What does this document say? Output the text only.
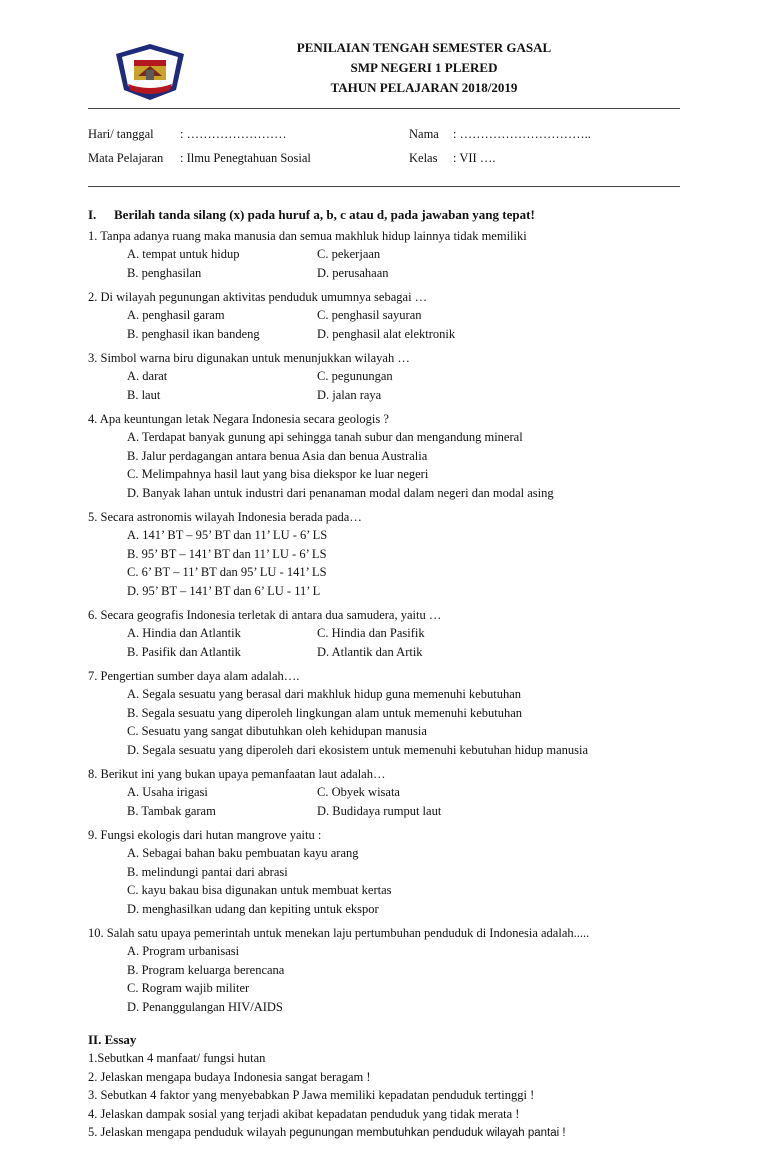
PENILAIAN TENGAH SEMESTER GASAL
SMP NEGERI 1 PLERED
TAHUN PELAJARAN 2018/2019
Hari/ tanggal : ……………………	Nama : …………………………..
Mata Pelajaran : Ilmu Penegtahuan Sosial	Kelas : VII ….
I. Berilah tanda silang (x) pada huruf a, b, c atau d, pada jawaban yang tepat!
1. Tanpa adanya ruang maka manusia dan semua makhluk hidup lainnya tidak memiliki
A. tempat untuk hidup	C. pekerjaan
B. penghasilan	D. perusahaan
2. Di wilayah pegunungan aktivitas penduduk umumnya sebagai …
A. penghasil garam	C. penghasil sayuran
B. penghasil ikan bandeng	D. penghasil alat elektronik
3. Simbol warna biru digunakan untuk menunjukkan wilayah …
A. darat	C. pegunungan
B. laut	D. jalan raya
4. Apa keuntungan letak Negara Indonesia secara geologis ?
A. Terdapat banyak gunung api sehingga tanah subur dan mengandung mineral
B. Jalur perdagangan antara benua Asia dan benua Australia
C. Melimpahnya hasil laut yang bisa diekspor ke luar negeri
D. Banyak lahan untuk industri dari penanaman modal dalam negeri dan modal asing
5. Secara astronomis wilayah Indonesia berada pada…
A. 141’ BT – 95’ BT dan 11’ LU - 6’ LS
B. 95’ BT – 141’ BT dan 11’ LU - 6’ LS
C. 6’ BT – 11’ BT dan 95’ LU - 141’ LS
D. 95’ BT – 141’ BT dan 6’ LU - 11’ L
6. Secara geografis Indonesia terletak di antara dua samudera, yaitu …
A. Hindia dan Atlantik	C. Hindia dan Pasifik
B. Pasifik dan Atlantik	D. Atlantik dan Artik
7. Pengertian sumber daya alam adalah….
A. Segala sesuatu yang berasal dari makhluk hidup guna memenuhi kebutuhan
B. Segala sesuatu yang diperoleh lingkungan alam untuk memenuhi kebutuhan
C. Sesuatu yang sangat dibutuhkan oleh kehidupan manusia
D. Segala sesuatu yang diperoleh dari ekosistem untuk memenuhi kebutuhan hidup manusia
8. Berikut ini yang bukan upaya pemanfaatan laut adalah…
A. Usaha irigasi	C. Obyek wisata
B. Tambak garam	D. Budidaya rumput laut
9. Fungsi ekologis dari hutan mangrove yaitu :
A. Sebagai bahan baku pembuatan kayu arang
B. melindungi pantai dari abrasi
C. kayu bakau bisa digunakan untuk membuat kertas
D. menghasilkan udang dan kepiting untuk ekspor
10. Salah satu upaya pemerintah untuk menekan laju pertumbuhan penduduk di Indonesia adalah.....
A. Program urbanisasi
B. Program keluarga berencana
C. Rogram wajib militer
D. Penanggulangan HIV/AIDS
II. Essay
1.Sebutkan 4 manfaat/ fungsi hutan
2. Jelaskan mengapa budaya Indonesia sangat beragam !
3. Sebutkan 4 faktor yang menyebabkan P Jawa memiliki kepadatan penduduk tertinggi !
4. Jelaskan dampak sosial yang terjadi akibat kepadatan penduduk yang tidak merata !
5. Jelaskan mengapa penduduk wilayah pegunungan membutuhkan penduduk wilayah pantai !
